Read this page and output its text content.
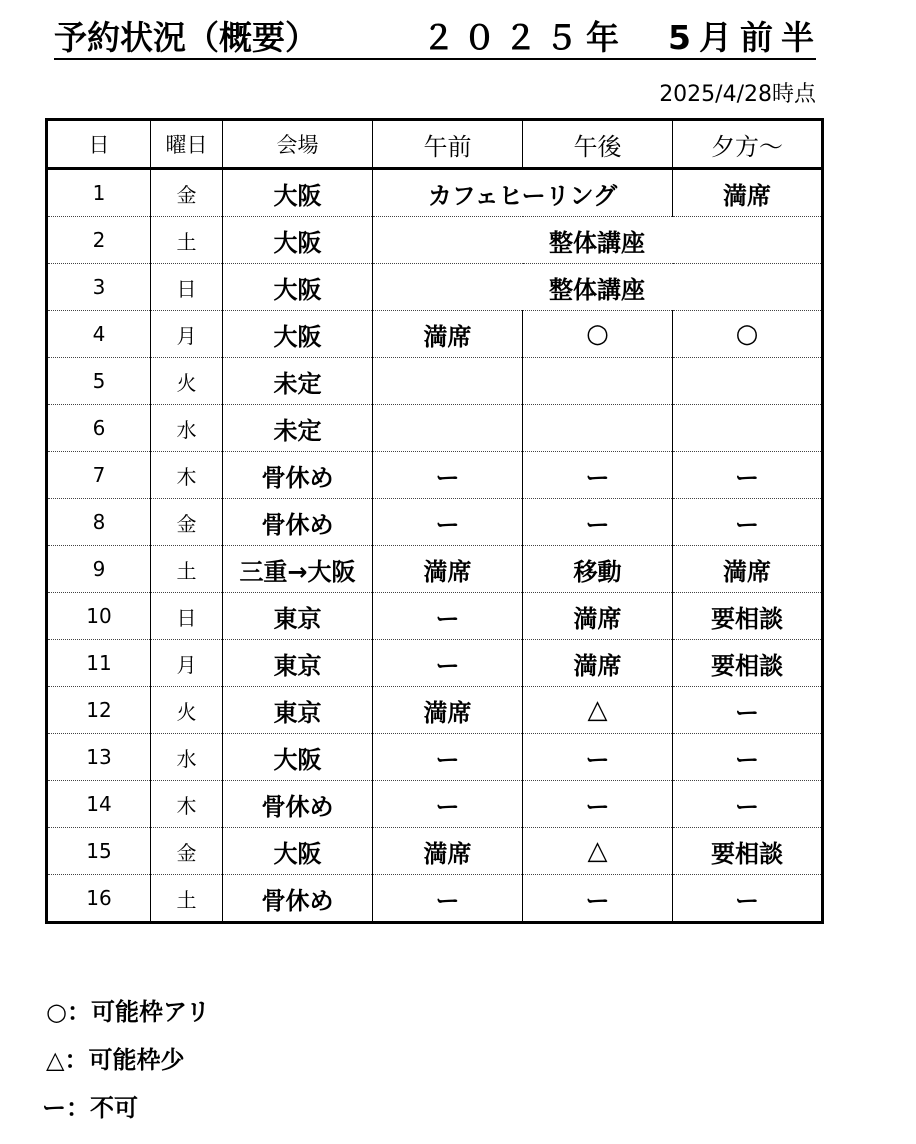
予約状況（概要）	２０２５年　5月前半
2025/4/28時点
日	曜日	会場	午前	午後	夕方～
1	金	大阪	カフェヒーリング		満席
2	土	大阪	整体講座		
3	日	大阪	整体講座		
4	月	大阪	満席	○	○
5	火	未定			
6	水	未定			
7	木	骨休め	ー	ー	ー
8	金	骨休め	ー	ー	ー
9	土	三重→大阪	満席	移動	満席
10	日	東京	ー	満席	要相談
11	月	東京	ー	満席	要相談
12	火	東京	満席	△	ー
13	水	大阪	ー	ー	ー
14	木	骨休め	ー	ー	ー
15	金	大阪	満席	△	要相談
16	土	骨休め	ー	ー	ー
○：可能枠アリ
△：可能枠少
ー：不可
